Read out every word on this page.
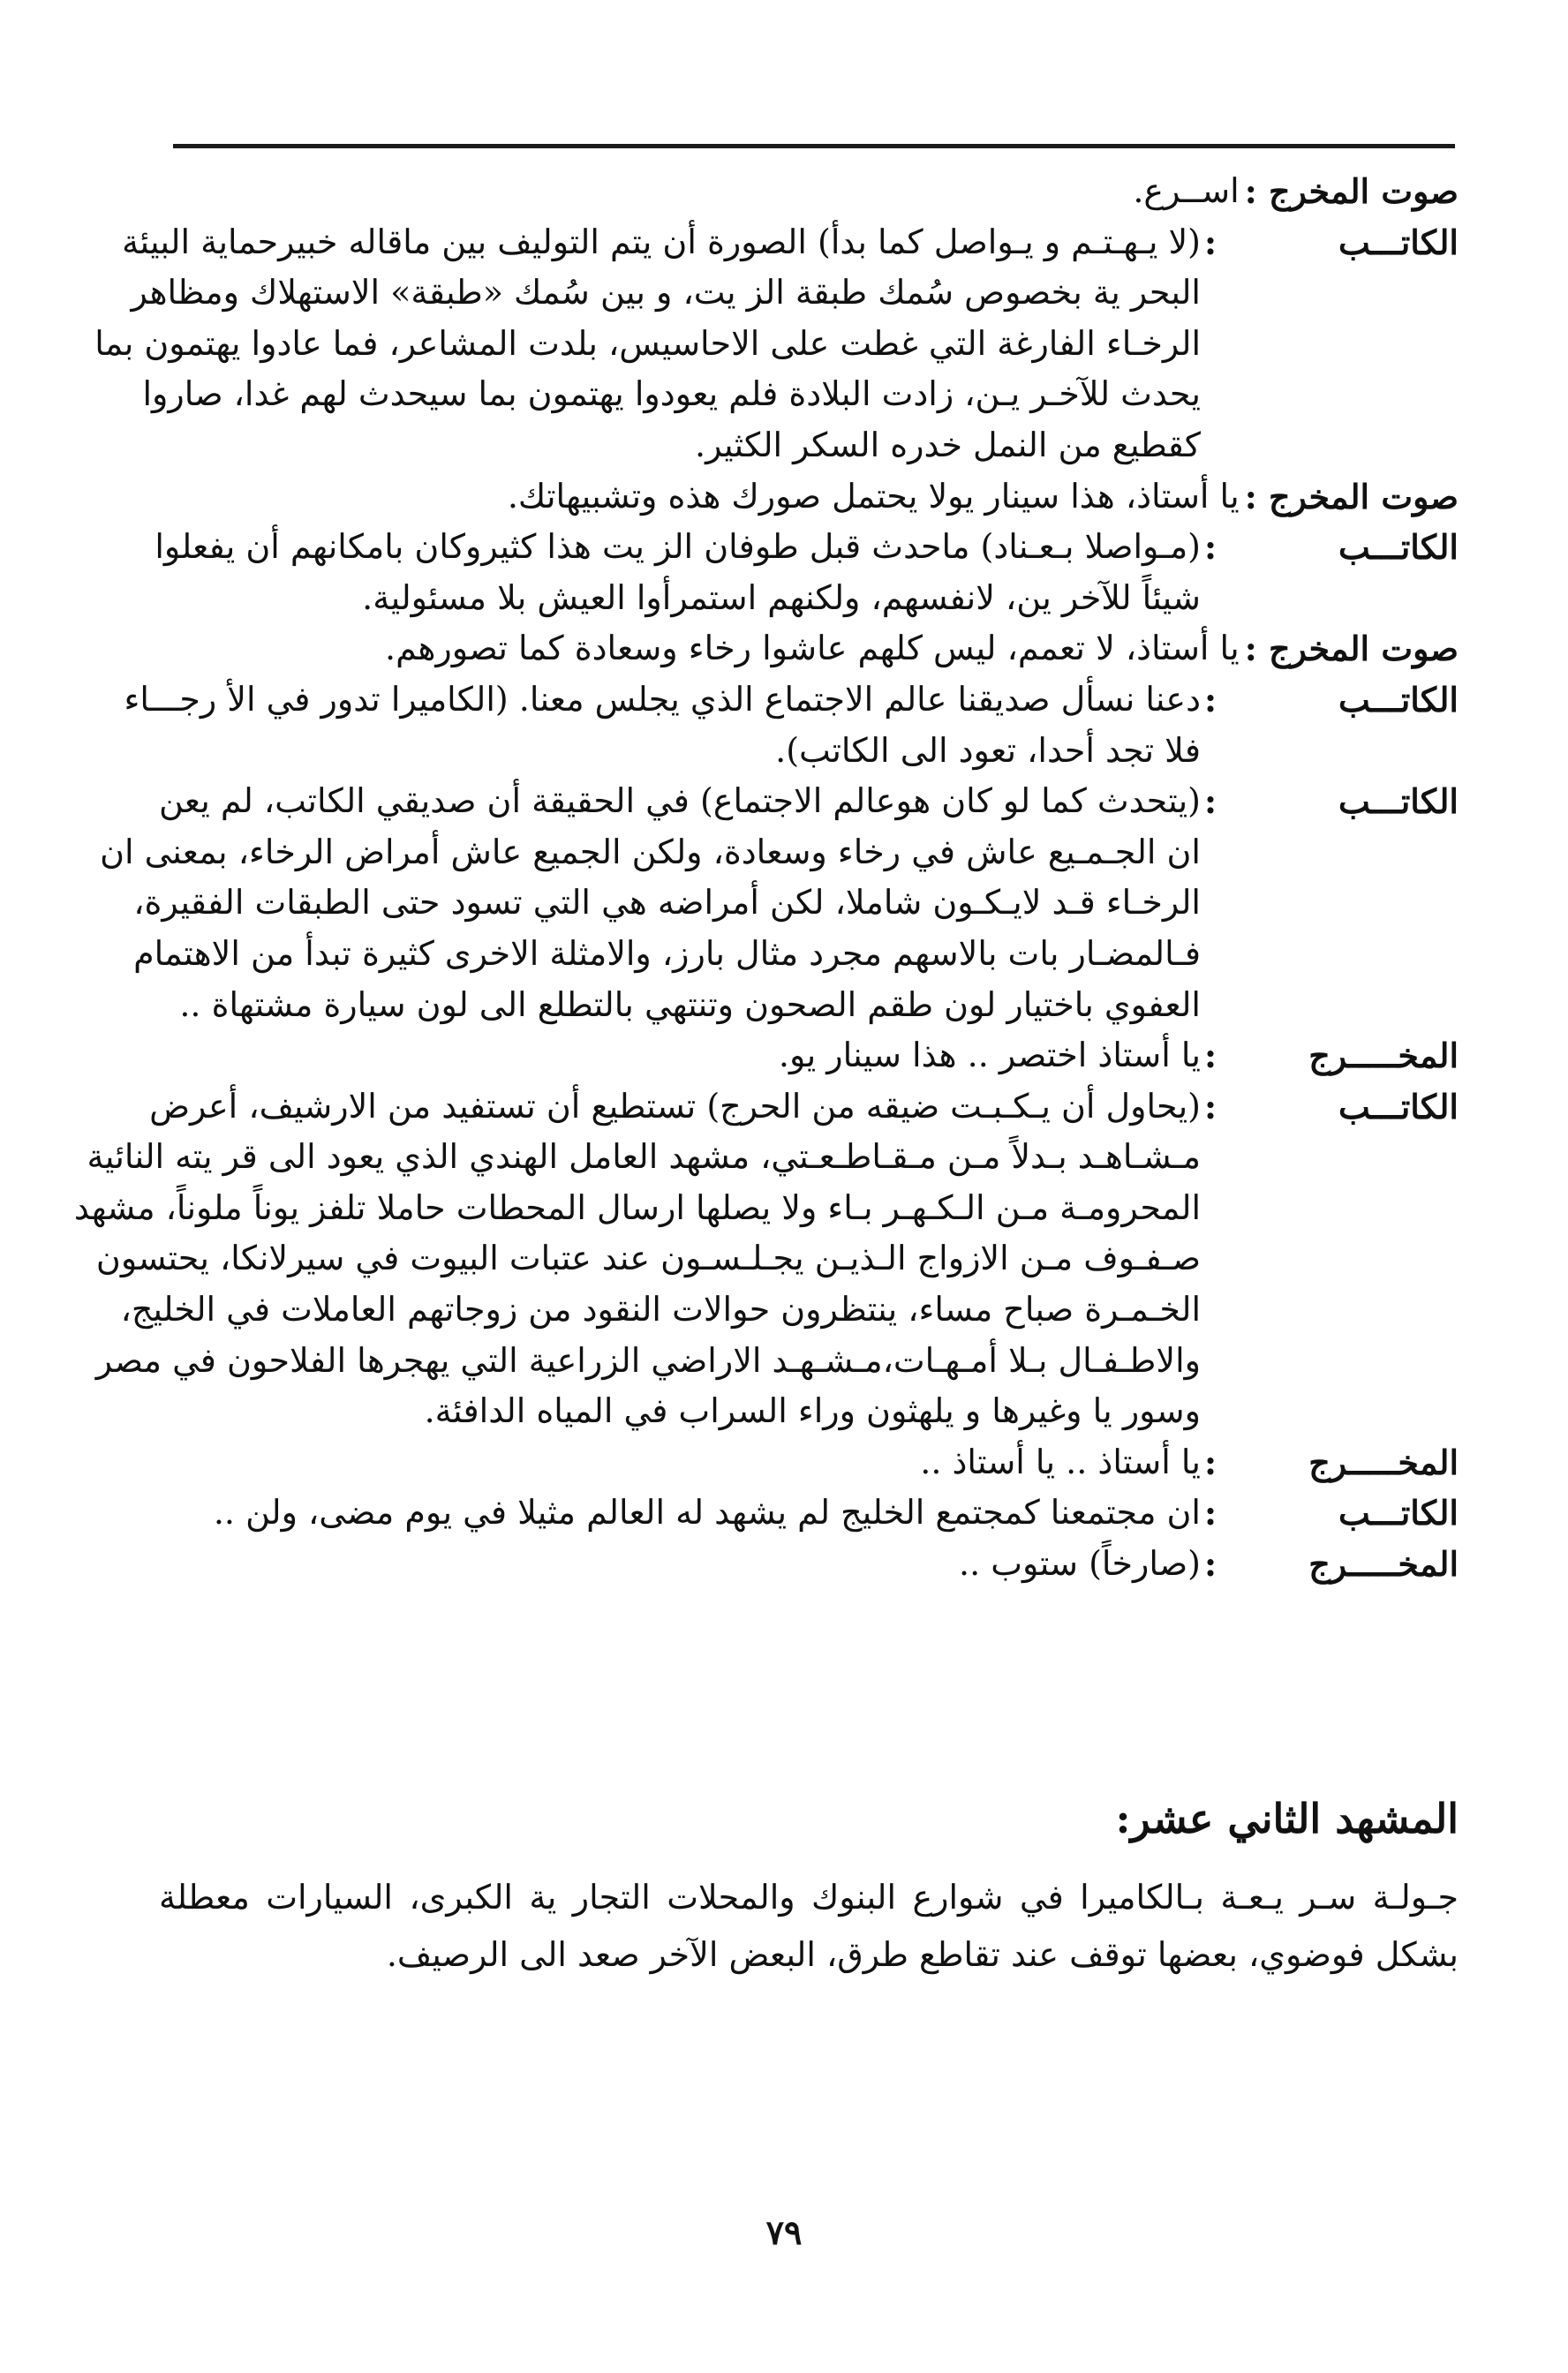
صوت المخرج :
اســرع.
الكاتـــب
:
(لا يـهـتـم و يـواصل كما بدأ) الصورة أن يتم التوليف بين ماقاله خبيرحماية البيئة
البحر ية بخصوص سُمك طبقة الز يت، و بين سُمك «طبقة» الاستهلاك ومظاهر
الرخـاء الفارغة التي غطت على الاحاسيس، بلدت المشاعر، فما عادوا يهتمون بما
يحدث للآخـر يـن، زادت البلادة فلم يعودوا يهتمون بما سيحدث لهم غدا، صاروا
كقطيع من النمل خدره السكر الكثير.
صوت المخرج :
يا أستاذ، هذا سينار يولا يحتمل صورك هذه وتشبيهاتك.
الكاتـــب
:
(مـواصلا بـعـناد) ماحدث قبل طوفان الز يت هذا كثيروكان بامكانهم أن يفعلوا
شيئاً للآخر ين، لانفسهم، ولكنهم استمرأوا العيش بلا مسئولية.
صوت المخرج :
يا أستاذ، لا تعمم، ليس كلهم عاشوا رخاء وسعادة كما تصورهم.
الكاتـــب
:
دعنا نسأل صديقنا عالم الاجتماع الذي يجلس معنا. (الكاميرا تدور في الأ رجـــاء
فلا تجد أحدا، تعود الى الكاتب).
الكاتـــب
:
(يتحدث كما لو كان هوعالم الاجتماع) في الحقيقة أن صديقي الكاتب، لم يعن
ان الجـمـيع عاش في رخاء وسعادة، ولكن الجميع عاش أمراض الرخاء، بمعنى ان
الرخـاء قـد لايـكـون شاملا، لكن أمراضه هي التي تسود حتى الطبقات الفقيرة،
فـالمضـار بات بالاسهم مجرد مثال بارز، والامثلة الاخرى كثيرة تبدأ من الاهتمام
العفوي باختيار لون طقم الصحون وتنتهي بالتطلع الى لون سيارة مشتهاة ..
المخـــــرج
:
يا أستاذ اختصر .. هذا سينار يو.
الكاتـــب
:
(يحاول أن يـكـبـت ضيقه من الحرج) تستطيع أن تستفيد من الارشيف، أعرض
مـشـاهـد بـدلاً مـن مـقـاطـعـتي، مشهد العامل الهندي الذي يعود الى قر يته النائية
المحرومـة مـن الـكـهـر بـاء ولا يصلها ارسال المحطات حاملا تلفز يوناً ملوناً، مشهد
صـفـوف مـن الازواج الـذيـن يجـلـسـون عند عتبات البيوت في سيرلانكا، يحتسون
الخـمـرة صباح مساء، ينتظرون حوالات النقود من زوجاتهم العاملات في الخليج،
والاطـفـال بـلا أمـهـات،مـشـهـد الاراضي الزراعية التي يهجرها الفلاحون في مصر
وسور يا وغيرها و يلهثون وراء السراب في المياه الدافئة.
المخـــــرج
:
يا أستاذ .. يا أستاذ ..
الكاتـــب
:
ان مجتمعنا كمجتمع الخليج لم يشهد له العالم مثيلا في يوم مضى، ولن ..
المخـــــرج
:
(صارخاً) ستوب ..
المشهد الثاني عشر:
جـولـة سـر يـعـة بـالكاميرا في شوارع البنوك والمحلات التجار ية الكبرى، السيارات معطلة
بشكل فوضوي، بعضها توقف عند تقاطع طرق، البعض الآخر صعد الى الرصيف.
٧٩
